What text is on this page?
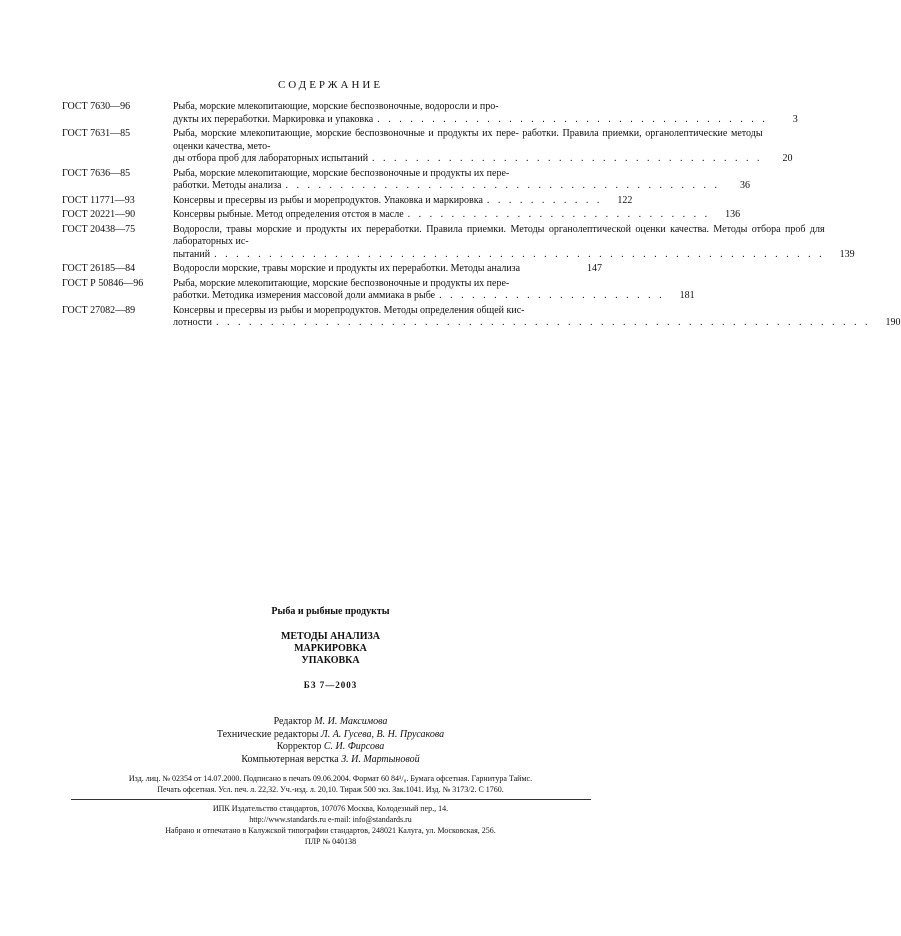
СОДЕРЖАНИЕ
ГОСТ 7630—96	Рыба, морские млекопитающие, морские беспозвоночные, водоросли и про-
дукты их переработки. Маркировка и упаковка . . . . . . . . . . . . . . . . . . . . . . . . . . . . . . . . . . . .	3
ГОСТ 7631—85	Рыба, морские млекопитающие, морские беспозвоночные и продукты их пере- работки. Правила приемки, органолептические методы оценки качества, мето-
ды отбора проб для лабораторных испытаний . . . . . . . . . . . . . . . . . . . . . . . . . . . . . . . . . . . .	20
ГОСТ 7636—85	Рыба, морские млекопитающие, морские беспозвоночные и продукты их пере-
работки. Методы анализа . . . . . . . . . . . . . . . . . . . . . . . . . . . . . . . . . . . . . . . .	36
ГОСТ 11771—93	Консервы и пресервы из рыбы и морепродуктов. Упаковка и маркировка . . . . . . . . . . .	122
ГОСТ 20221—90	Консервы рыбные. Метод определения отстоя в масле . . . . . . . . . . . . . . . . . . . . . . . . . . . .	136
ГОСТ 20438—75	Водоросли, травы морские и продукты их переработки. Правила приемки. Методы органолептической оценки качества. Методы отбора проб для лабораторных ис-
пытаний . . . . . . . . . . . . . . . . . . . . . . . . . . . . . . . . . . . . . . . . . . . . . . . . . . . . . . . .	139
ГОСТ 26185—84	Водоросли морские, травы морские и продукты их переработки. Методы анализа	147
ГОСТ Р 50846—96	Рыба, морские млекопитающие, морские беспозвоночные и продукты их пере-
работки. Методика измерения массовой доли аммиака в рыбе . . . . . . . . . . . . . . . . . . . . .	181
ГОСТ 27082—89	Консервы и пресервы из рыбы и морепродуктов. Методы определения общей кис-
лотности . . . . . . . . . . . . . . . . . . . . . . . . . . . . . . . . . . . . . . . . . . . . . . . . . . . . . . . . . . . .	190
Рыба и рыбные продукты
МЕТОДЫ АНАЛИЗА
МАРКИРОВКА
УПАКОВКА
БЗ 7—2003
Редактор М. И. Максимова
Технические редакторы Л. А. Гусева, В. Н. Прусакова
Корректор С. И. Фирсова
Компьютерная верстка З. И. Мартыновой
Изд. лиц. № 02354 от 14.07.2000. Подписано в печать 09.06.2004. Формат 60 84¹/₈. Бумага офсетная. Гарнитура Таймс.
Печать офсетная. Усл. печ. л. 22,32. Уч.-изд. л. 20,10. Тираж 500 экз. Зак.1041. Изд. № 3173/2. С 1760.
ИПК Издательство стандартов, 107076 Москва, Колодезный пер., 14.
http://www.standards.ru e-mail: info@standards.ru
Набрано и отпечатано в Калужской типографии стандартов, 248021 Калуга, ул. Московская, 256.
ПЛР № 040138
